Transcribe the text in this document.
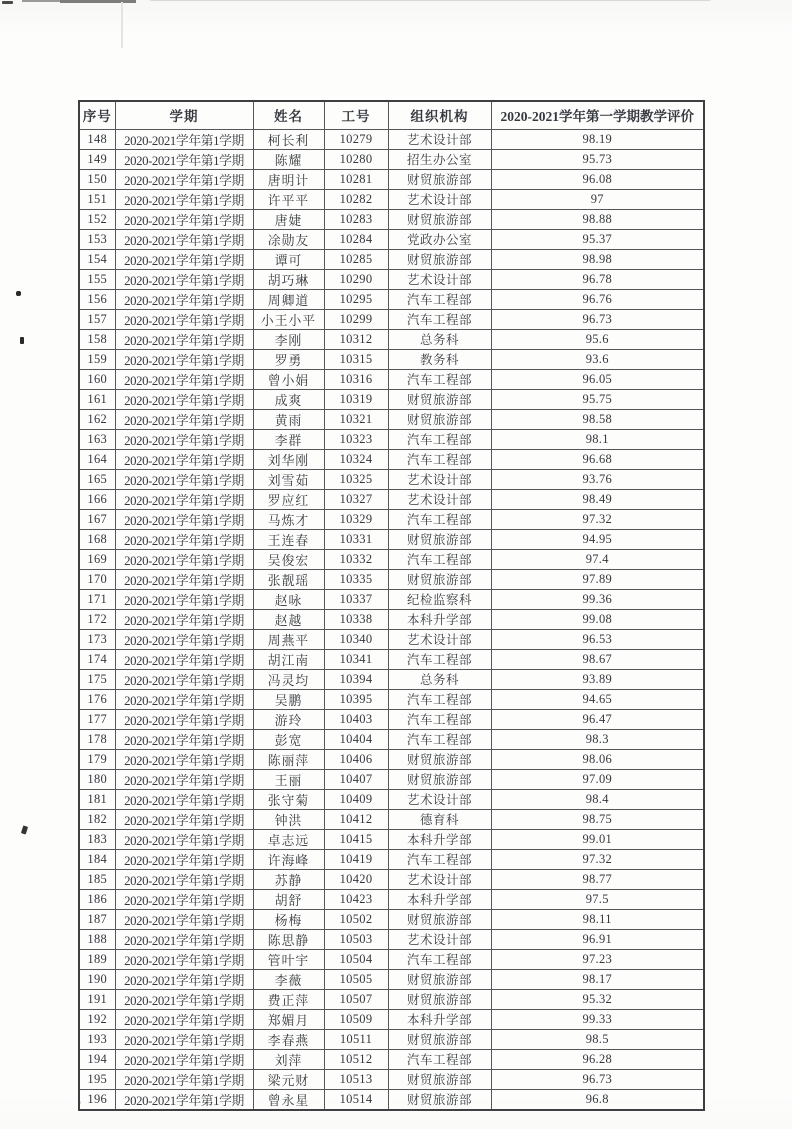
序号	学期	姓名	工号	组织机构	2020-2021学年第一学期教学评价
148	2020-2021学年第1学期	柯长利	10279	艺术设计部	98.19
149	2020-2021学年第1学期	陈耀	10280	招生办公室	95.73
150	2020-2021学年第1学期	唐明计	10281	财贸旅游部	96.08
151	2020-2021学年第1学期	许平平	10282	艺术设计部	97
152	2020-2021学年第1学期	唐婕	10283	财贸旅游部	98.88
153	2020-2021学年第1学期	凃勋友	10284	党政办公室	95.37
154	2020-2021学年第1学期	谭可	10285	财贸旅游部	98.98
155	2020-2021学年第1学期	胡巧琳	10290	艺术设计部	96.78
156	2020-2021学年第1学期	周卿道	10295	汽车工程部	96.76
157	2020-2021学年第1学期	小王小平	10299	汽车工程部	96.73
158	2020-2021学年第1学期	李刚	10312	总务科	95.6
159	2020-2021学年第1学期	罗勇	10315	教务科	93.6
160	2020-2021学年第1学期	曾小娟	10316	汽车工程部	96.05
161	2020-2021学年第1学期	成爽	10319	财贸旅游部	95.75
162	2020-2021学年第1学期	黄雨	10321	财贸旅游部	98.58
163	2020-2021学年第1学期	李群	10323	汽车工程部	98.1
164	2020-2021学年第1学期	刘华刚	10324	汽车工程部	96.68
165	2020-2021学年第1学期	刘雪茹	10325	艺术设计部	93.76
166	2020-2021学年第1学期	罗应红	10327	艺术设计部	98.49
167	2020-2021学年第1学期	马炼才	10329	汽车工程部	97.32
168	2020-2021学年第1学期	王连春	10331	财贸旅游部	94.95
169	2020-2021学年第1学期	吴俊宏	10332	汽车工程部	97.4
170	2020-2021学年第1学期	张靓瑶	10335	财贸旅游部	97.89
171	2020-2021学年第1学期	赵咏	10337	纪检监察科	99.36
172	2020-2021学年第1学期	赵越	10338	本科升学部	99.08
173	2020-2021学年第1学期	周燕平	10340	艺术设计部	96.53
174	2020-2021学年第1学期	胡江南	10341	汽车工程部	98.67
175	2020-2021学年第1学期	冯灵均	10394	总务科	93.89
176	2020-2021学年第1学期	吴鹏	10395	汽车工程部	94.65
177	2020-2021学年第1学期	游玲	10403	汽车工程部	96.47
178	2020-2021学年第1学期	彭宽	10404	汽车工程部	98.3
179	2020-2021学年第1学期	陈丽萍	10406	财贸旅游部	98.06
180	2020-2021学年第1学期	王丽	10407	财贸旅游部	97.09
181	2020-2021学年第1学期	张守菊	10409	艺术设计部	98.4
182	2020-2021学年第1学期	钟洪	10412	德育科	98.75
183	2020-2021学年第1学期	卓志远	10415	本科升学部	99.01
184	2020-2021学年第1学期	许海峰	10419	汽车工程部	97.32
185	2020-2021学年第1学期	苏静	10420	艺术设计部	98.77
186	2020-2021学年第1学期	胡舒	10423	本科升学部	97.5
187	2020-2021学年第1学期	杨梅	10502	财贸旅游部	98.11
188	2020-2021学年第1学期	陈思静	10503	艺术设计部	96.91
189	2020-2021学年第1学期	管叶宇	10504	汽车工程部	97.23
190	2020-2021学年第1学期	李薇	10505	财贸旅游部	98.17
191	2020-2021学年第1学期	费正萍	10507	财贸旅游部	95.32
192	2020-2021学年第1学期	郑媚月	10509	本科升学部	99.33
193	2020-2021学年第1学期	李春燕	10511	财贸旅游部	98.5
194	2020-2021学年第1学期	刘萍	10512	汽车工程部	96.28
195	2020-2021学年第1学期	梁元财	10513	财贸旅游部	96.73
196	2020-2021学年第1学期	曾永星	10514	财贸旅游部	96.8
